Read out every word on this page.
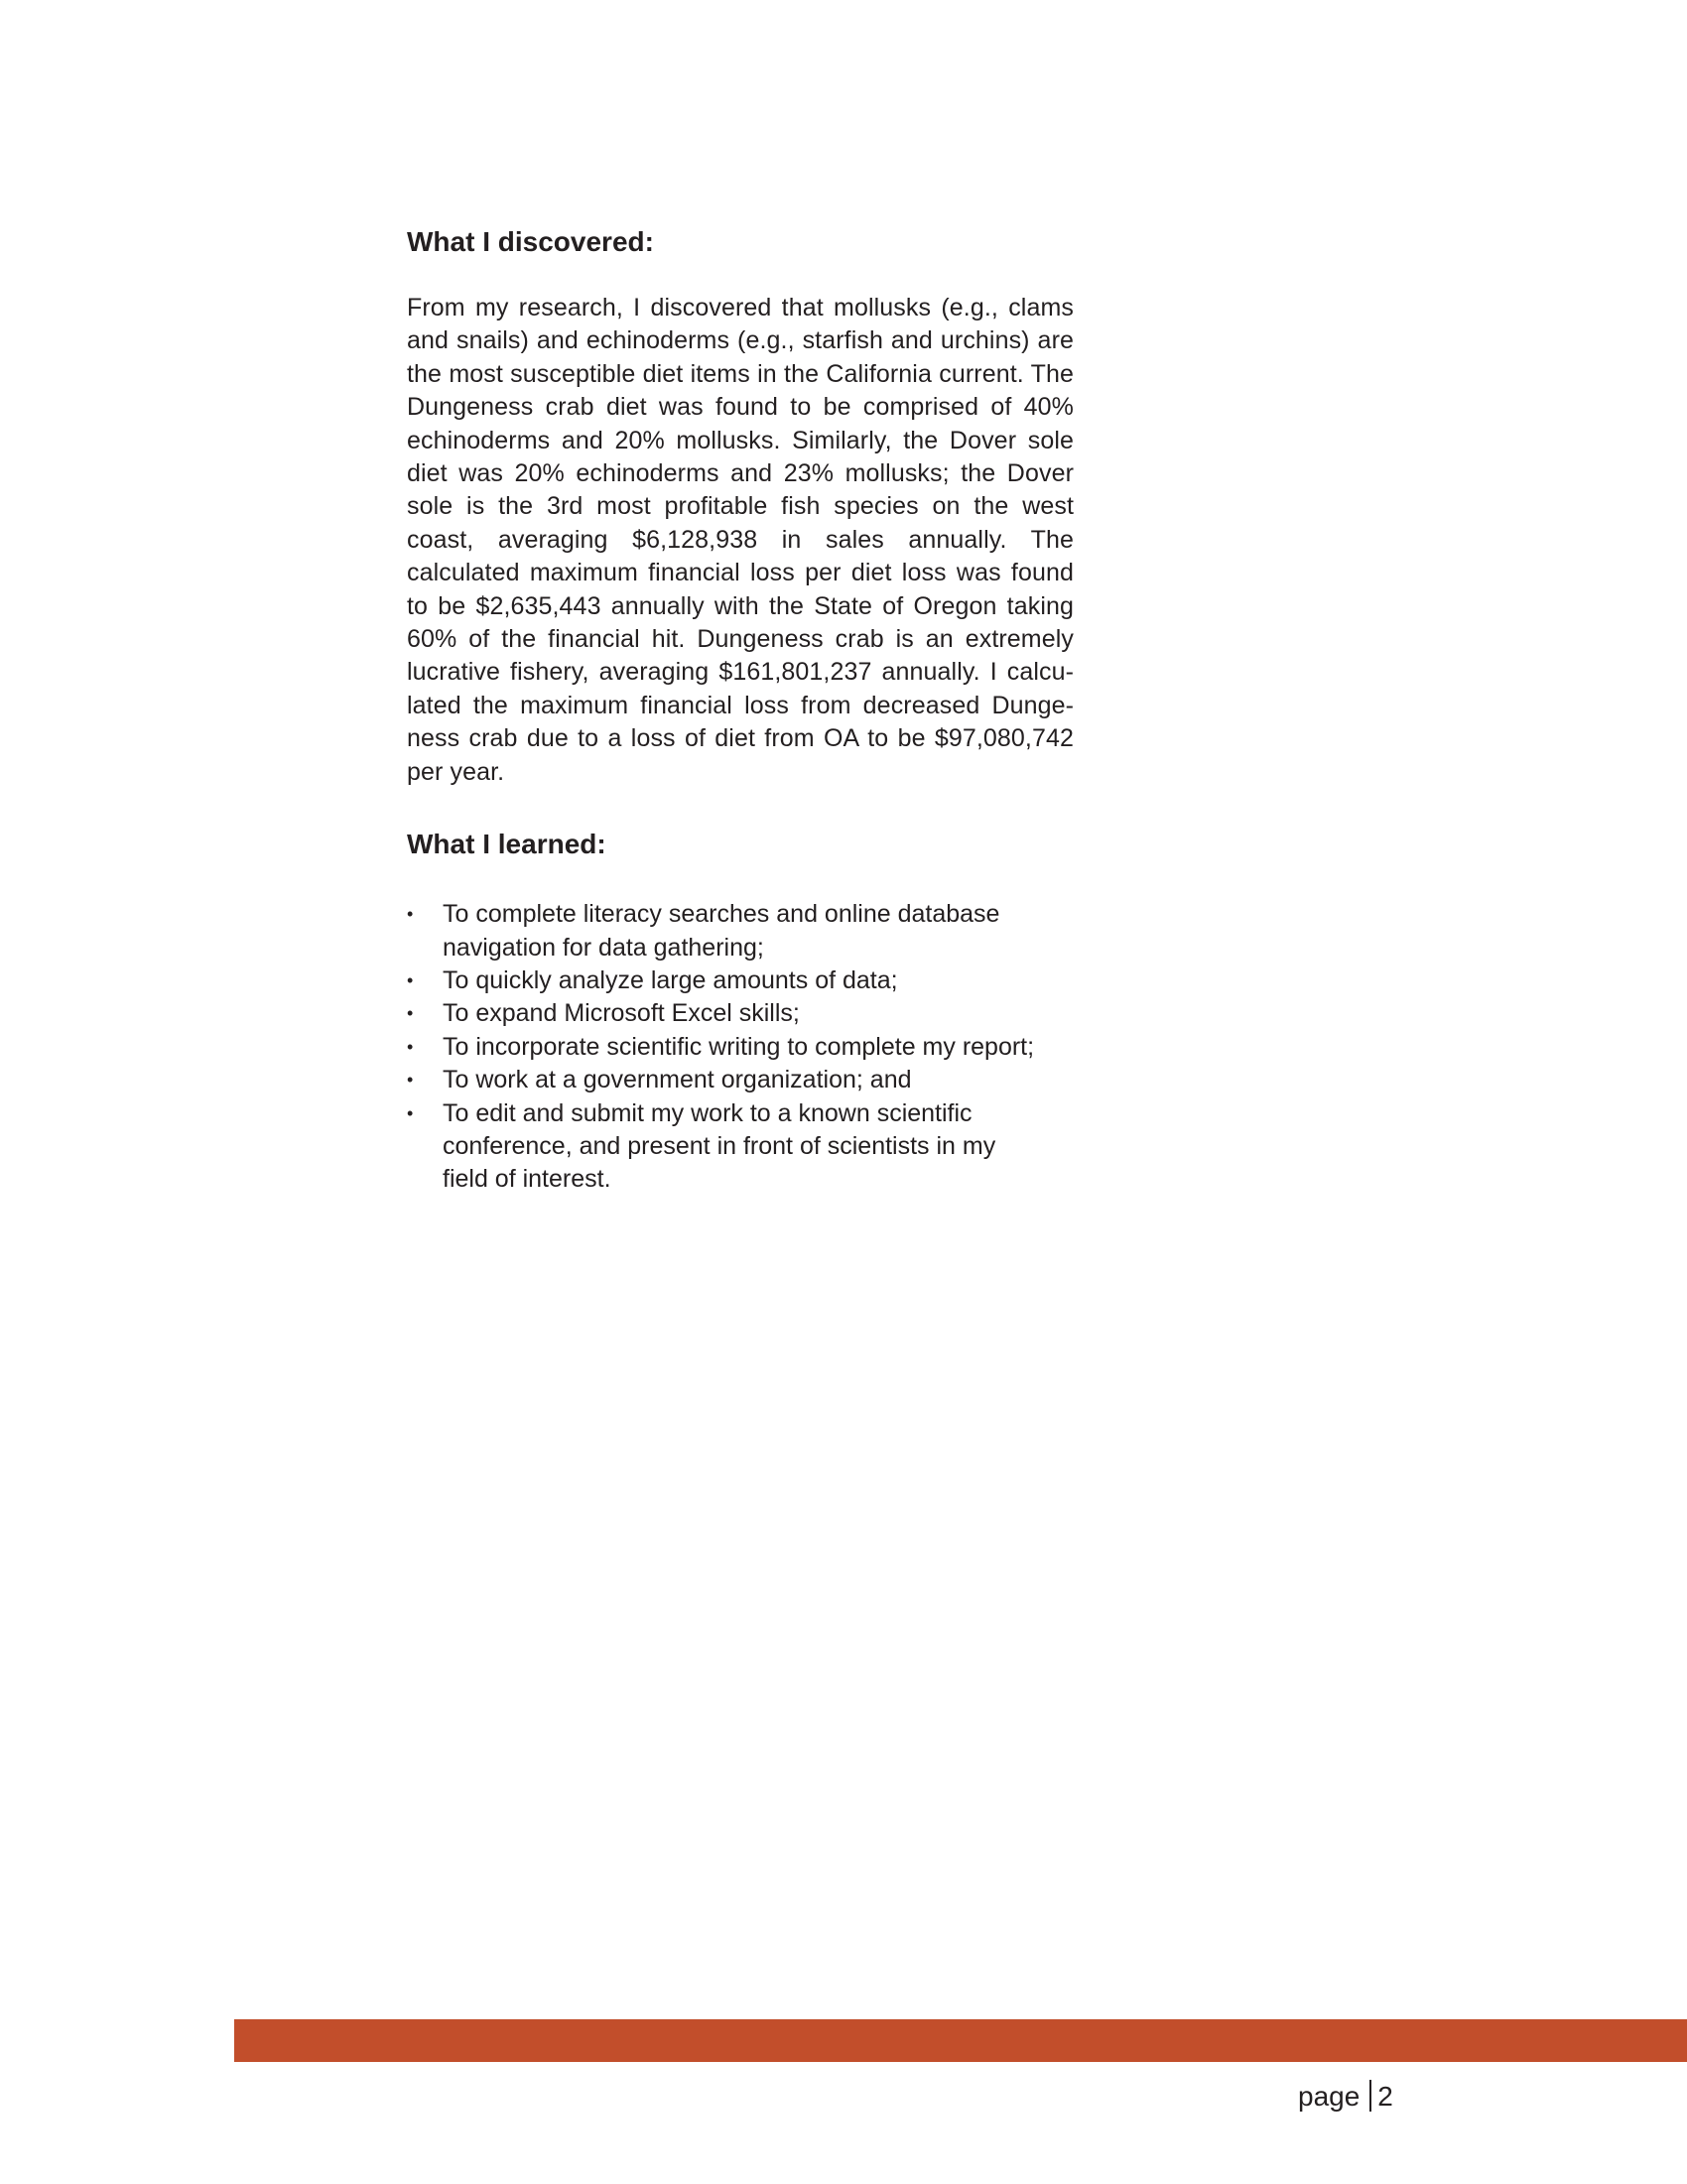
What I discovered:

From my research, I discovered that mollusks (e.g., clams and snails) and echinoderms (e.g., starfish and urchins) are the most susceptible diet items in the California current. The Dungeness crab diet was found to be comprised of 40% echinoderms and 20% mollusks. Similarly, the Dover sole diet was 20% echinoderms and 23% mollusks; the Dover sole is the 3rd most profitable fish species on the west coast, averaging $6,128,938 in sales annually. The calculated maximum financial loss per diet loss was found to be $2,635,443 annually with the State of Oregon taking 60% of the financial hit. Dungeness crab is an extremely lucrative fishery, averaging $161,801,237 annually. I calculated the maximum financial loss from decreased Dungeness crab due to a loss of diet from OA to be $97,080,742 per year.

What I learned:
• To complete literacy searches and online database navigation for data gathering;
• To quickly analyze large amounts of data;
• To expand Microsoft Excel skills;
• To incorporate scientific writing to complete my report;
• To work at a government organization; and
• To edit and submit my work to a known scientific conference, and present in front of scientists in my field of interest.
page 2
